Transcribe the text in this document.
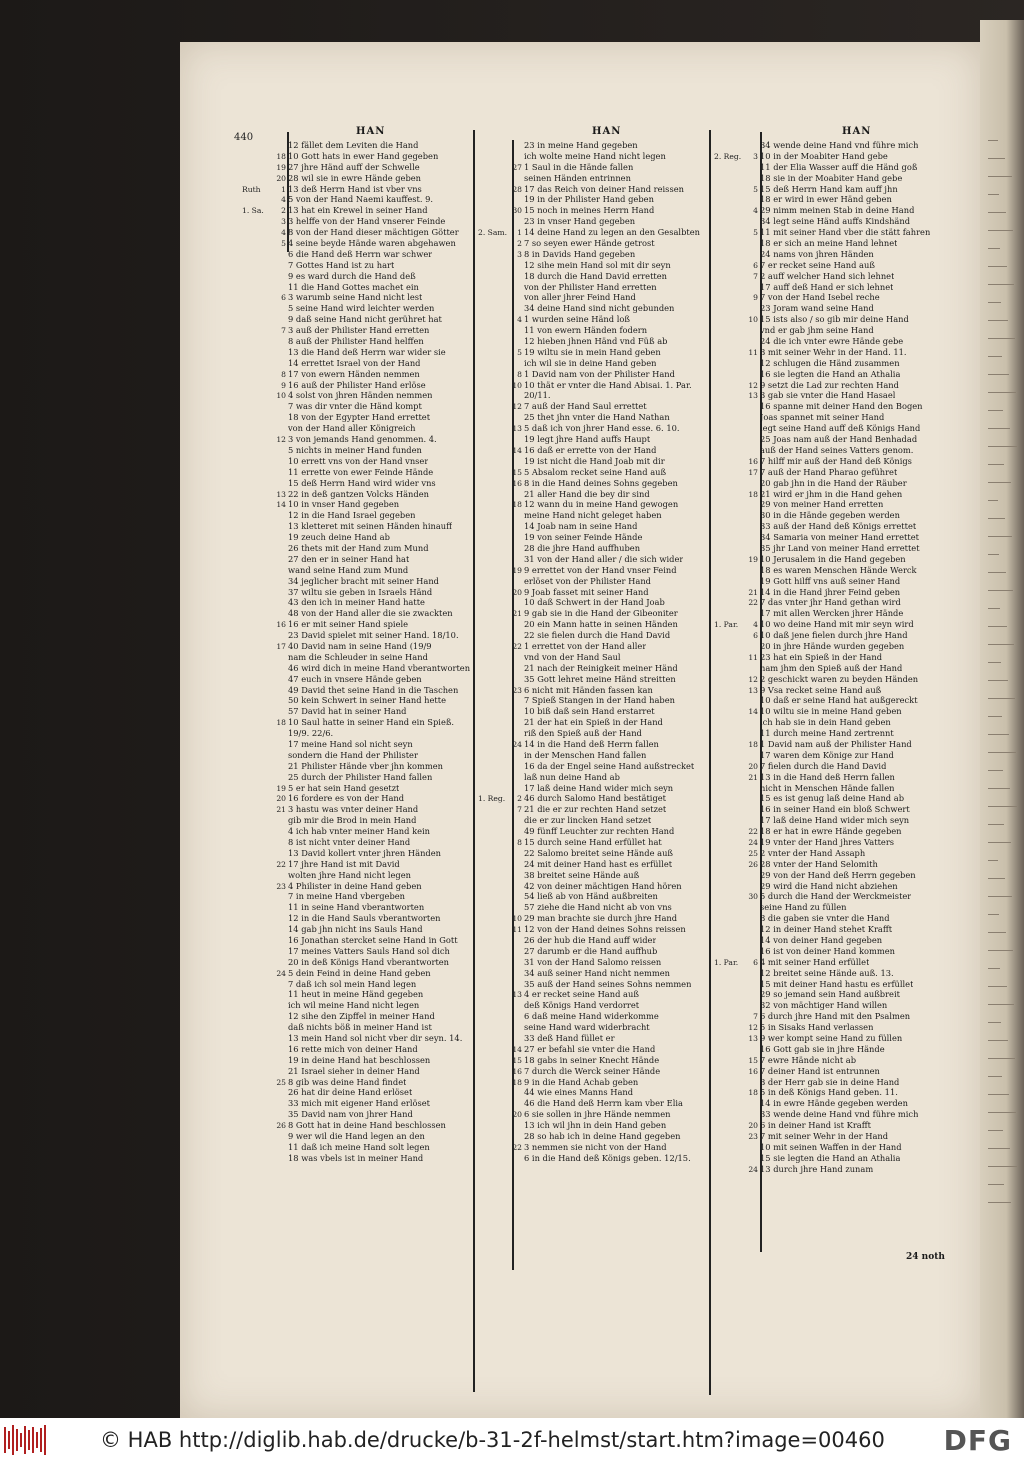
440
HAN	HAN	HAN
12 fället dem Leviten die Hand
18 10 Gott hats in ewer Hand gegeben
19 27 jhre Händ auff der Schwelle
20 28 wil sie in ewre Hände geben
Ruth	1 13 deß Herrn Hand ist vber vns
4 5 von der Hand Naemi kauffest. 9.
1. Sa.	2 13 hat ein Krewel in seiner Hand
3 3 helffe von der Hand vnserer Feinde
4 8 von der Hand dieser mächtigen Götter
5 4 seine beyde Hände waren abgehawen
6 die Hand deß Herrn war schwer
7 Gottes Hand ist zu hart
9 es ward durch die Hand deß
11 die Hand Gottes machet ein
6 3 warumb seine Hand nicht lest
5 seine Hand wird leichter werden
9 daß seine Hand nicht gerühret hat
7 3 auß der Philister Hand erretten
8 auß der Philister Hand helffen
13 die Hand deß Herrn war wider sie
14 errettet Israel von der Hand
8 17 von ewern Händen nemmen
9 16 auß der Philister Hand erlöse
10 4 solst von jhren Händen nemmen
7 was dir vnter die Händ kompt
18 von der Egypter Hand errettet
von der Hand aller Königreich
12 3 von jemands Hand genommen. 4.
5 nichts in meiner Hand funden
10 errett vns von der Hand vnser
11 errette von ewer Feinde Hände
15 deß Herrn Hand wird wider vns
13 22 in deß gantzen Volcks Händen
14 10 in vnser Hand gegeben
12 in die Hand Israel gegeben
13 kletteret mit seinen Händen hinauff
19 zeuch deine Hand ab
26 thets mit der Hand zum Mund
27 den er in seiner Hand hat
wand seine Hand zum Mund
34 jeglicher bracht mit seiner Hand
37 wiltu sie geben in Israels Händ
43 den ich in meiner Hand hatte
48 von der Hand aller die sie zwackten
16 16 er mit seiner Hand spiele
23 David spielet mit seiner Hand. 18/10.
17 40 David nam in seine Hand (19/9
nam die Schleuder in seine Hand
46 wird dich in meine Hand vberantworten
47 euch in vnsere Hände geben
49 David thet seine Hand in die Taschen
50 kein Schwert in seiner Hand hette
57 David hat in seiner Hand
18 10 Saul hatte in seiner Hand ein Spieß.
19/9. 22/6.
17 meine Hand sol nicht seyn
sondern die Hand der Philister
21 Philister Hände vber jhn kommen
25 durch der Philister Hand fallen
19 5 er hat sein Hand gesetzt
20 16 fordere es von der Hand
21 3 hastu was vnter deiner Hand
gib mir die Brod in mein Hand
4 ich hab vnter meiner Hand kein
8 ist nicht vnter deiner Hand
13 David kollert vnter jhren Händen
22 17 jhre Hand ist mit David
wolten jhre Hand nicht legen
23 4 Philister in deine Hand geben
7 in meine Hand vbergeben
11 in seine Hand vberantworten
12 in die Hand Sauls vberantworten
14 gab jhn nicht ins Sauls Hand
16 Jonathan stercket seine Hand in Gott
17 meines Vatters Sauls Hand sol dich
20 in deß Königs Hand vberantworten
24 5 dein Feind in deine Hand geben
7 daß ich sol mein Hand legen
11 heut in meine Händ gegeben
ich wil meine Hand nicht legen
12 sihe den Zipffel in meiner Hand
daß nichts böß in meiner Hand ist
13 mein Hand sol nicht vber dir seyn. 14.
16 rette mich von deiner Hand
19 in deine Hand hat beschlossen
21 Israel sieher in deiner Hand
25 8 gib was deine Hand findet
26 hat dir deine Hand erlöset
33 mich mit eigener Hand erlöset
35 David nam von jhrer Hand
26 8 Gott hat in deine Hand beschlossen
9 wer wil die Hand legen an den
11 daß ich meine Hand solt legen
18 was vbels ist in meiner Hand
23 in meine Hand gegeben
ich wolte meine Hand nicht legen
27 1 Saul in die Hände fallen
seinen Händen entrinnen
28 17 das Reich von deiner Hand reissen
19 in der Philister Hand geben
30 15 noch in meines Herrn Hand
23 in vnser Hand gegeben
2. Sam.	1 14 deine Hand zu legen an den Gesalbten
2 7 so seyen ewer Hände getrost
3 8 in Davids Hand gegeben
12 sihe mein Hand sol mit dir seyn
18 durch die Hand David erretten
von der Philister Hand erretten
von aller jhrer Feind Hand
34 deine Hand sind nicht gebunden
4 1 wurden seine Händ loß
11 von ewern Händen fodern
12 hieben jhnen Händ vnd Füß ab
5 19 wiltu sie in mein Hand geben
ich wil sie in deine Hand geben
8 1 David nam von der Philister Hand
10 10 thät er vnter die Hand Abisai. 1. Par.
20/11.
12 7 auß der Hand Saul errettet
25 thet jhn vnter die Hand Nathan
13 5 daß ich von jhrer Hand esse. 6. 10.
19 legt jhre Hand auffs Haupt
14 16 daß er errette von der Hand
19 ist nicht die Hand Joab mit dir
15 5 Absalom recket seine Hand auß
16 8 in die Hand deines Sohns gegeben
21 aller Hand die bey dir sind
18 12 wann du in meine Hand gewogen
meine Hand nicht geleget haben
14 Joab nam in seine Hand
19 von seiner Feinde Hände
28 die jhre Hand auffhuben
31 von der Hand aller / die sich wider
19 9 errettet von der Hand vnser Feind
erlöset von der Philister Hand
20 9 Joab fasset mit seiner Hand
10 daß Schwert in der Hand Joab
21 9 gab sie in die Hand der Gibeoniter
20 ein Mann hatte in seinen Händen
22 sie fielen durch die Hand David
22 1 errettet von der Hand aller
vnd von der Hand Saul
21 nach der Reinigkeit meiner Händ
35 Gott lehret meine Händ streitten
23 6 nicht mit Händen fassen kan
7 Spieß Stangen in der Hand haben
10 biß daß sein Hand erstarret
21 der hat ein Spieß in der Hand
riß den Spieß auß der Hand
24 14 in die Hand deß Herrn fallen
in der Menschen Hand fallen
16 da der Engel seine Hand außstrecket
laß nun deine Hand ab
17 laß deine Hand wider mich seyn
1. Reg.	2 46 durch Salomo Hand bestätiget
7 21 die er zur rechten Hand setzet
die er zur lincken Hand setzet
49 fünff Leuchter zur rechten Hand
8 15 durch seine Hand erfüllet hat
22 Salomo breitet seine Hände auß
24 mit deiner Hand hast es erfüllet
38 breitet seine Hände auß
42 von deiner mächtigen Hand hören
54 ließ ab von Händ außbreiten
57 ziehe die Hand nicht ab von vns
10 29 man brachte sie durch jhre Hand
11 12 von der Hand deines Sohns reissen
26 der hub die Hand auff wider
27 darumb er die Hand auffhub
31 von der Hand Salomo reissen
34 auß seiner Hand nicht nemmen
35 auß der Hand seines Sohns nemmen
13 4 er recket seine Hand auß
deß Königs Hand verdorret
6 daß meine Hand widerkomme
seine Hand ward widerbracht
33 deß Hand füllet er
14 27 er befahl sie vnter die Hand
15 18 gabs in seiner Knecht Hände
16 7 durch die Werck seiner Hände
18 9 in die Hand Achab geben
44 wie eines Manns Hand
46 die Hand deß Herrn kam vber Elia
20 6 sie sollen in jhre Hände nemmen
13 ich wil jhn in dein Hand geben
28 so hab ich in deine Hand gegeben
22 3 nemmen sie nicht von der Hand
6 in die Hand deß Königs geben. 12/15.
34 wende deine Hand vnd führe mich
2. Reg.	3 10 in der Moabiter Hand gebe
11 der Elia Wasser auff die Händ goß
18 sie in der Moabiter Hand gebe
5 15 deß Herrn Hand kam auff jhn
18 er wird in ewer Händ geben
4 29 nimm meinen Stab in deine Hand
34 legt seine Händ auffs Kindshänd
5 11 mit seiner Hand vber die stätt fahren
18 er sich an meine Hand lehnet
24 nams von jhren Händen
6 7 er recket seine Hand auß
7 2 auff welcher Hand sich lehnet
17 auff deß Hand er sich lehnet
9 7 von der Hand Isebel reche
23 Joram wand seine Hand
10 15 ists also / so gib mir deine Hand
vnd er gab jhm seine Hand
24 die ich vnter ewre Hände gebe
11 8 mit seiner Wehr in der Hand. 11.
12 schlugen die Händ zusammen
16 sie legten die Hand an Athalia
12 9 setzt die Lad zur rechten Hand
13 3 gab sie vnter die Hand Hasael
16 spanne mit deiner Hand den Bogen
Joas spannet mit seiner Hand
legt seine Hand auff deß Königs Hand
25 Joas nam auß der Hand Benhadad
auß der Hand seines Vatters genom.
16 7 hilff mir auß der Hand deß Königs
17 7 auß der Hand Pharao geführet
20 gab jhn in die Hand der Räuber
18 21 wird er jhm in die Hand gehen
29 von meiner Hand erretten
30 in die Hände gegeben werden
33 auß der Hand deß Königs errettet
34 Samaria von meiner Hand errettet
35 jhr Land von meiner Hand errettet
19 10 Jerusalem in die Hand gegeben
18 es waren Menschen Hände Werck
19 Gott hilff vns auß seiner Hand
21 14 in die Hand jhrer Feind geben
22 7 das vnter jhr Hand gethan wird
17 mit allen Wercken jhrer Hände
1. Par.	4 10 wo deine Hand mit mir seyn wird
6 10 daß jene fielen durch jhre Hand
20 in jhre Hände wurden gegeben
11 23 hat ein Spieß in der Hand
nam jhm den Spieß auß der Hand
12 2 geschickt waren zu beyden Händen
13 9 Vsa recket seine Hand auß
10 daß er seine Hand hat außgereckt
14 10 wiltu sie in meine Hand geben
ich hab sie in dein Hand geben
11 durch meine Hand zertrennt
18 1 David nam auß der Philister Hand
17 waren dem Könige zur Hand
20 7 fielen durch die Hand David
21 13 in die Hand deß Herrn fallen
nicht in Menschen Hände fallen
15 es ist genug laß deine Hand ab
16 in seiner Hand ein bloß Schwert
17 laß deine Hand wider mich seyn
22 18 er hat in ewre Hände gegeben
24 19 vnter der Hand jhres Vatters
25 2 vnter der Hand Assaph
26 28 vnter der Hand Selomith
29 von der Hand deß Herrn gegeben
29 wird die Hand nicht abziehen
30 5 durch die Hand der Werckmeister
seine Hand zu füllen
8 die gaben sie vnter die Hand
12 in deiner Hand stehet Krafft
14 von deiner Hand gegeben
16 ist von deiner Hand kommen
1. Par.	6 4 mit seiner Hand erfüllet
12 breitet seine Hände auß. 13.
15 mit deiner Hand hastu es erfüllet
29 so jemand sein Hand außbreit
32 von mächtiger Hand willen
7 6 durch jhre Hand mit den Psalmen
12 5 in Sisaks Hand verlassen
13 9 wer kompt seine Hand zu füllen
16 Gott gab sie in jhre Hände
15 7 ewre Hände nicht ab
16 7 deiner Hand ist entrunnen
8 der Herr gab sie in deine Hand
18 5 in deß Königs Hand geben. 11.
14 in ewre Hände gegeben werden
33 wende deine Hand vnd führe mich
20 6 in deiner Hand ist Krafft
23 7 mit seiner Wehr in der Hand
10 mit seinen Waffen in der Hand
15 sie legten die Hand an Athalia
24 13 durch jhre Hand zunam
24 noth
© HAB http://diglib.hab.de/drucke/b-31-2f-helmst/start.htm?image=00460 DFG
